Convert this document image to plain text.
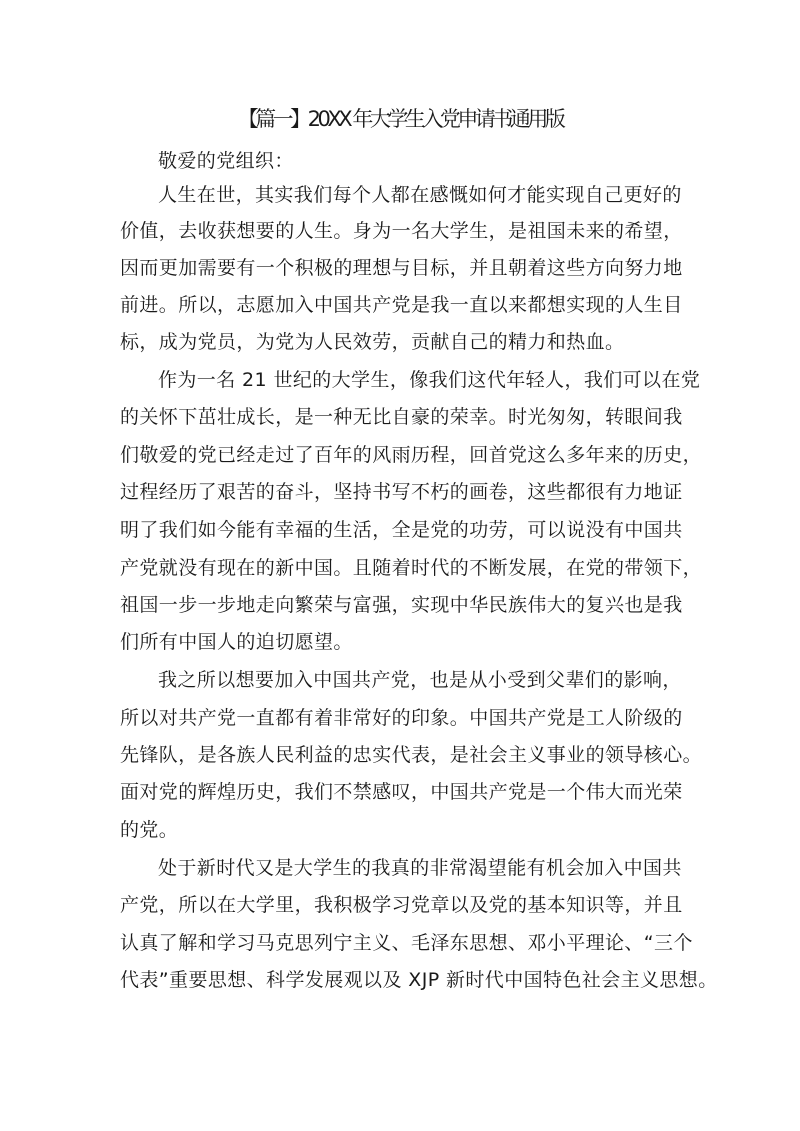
【篇一】20XX 年大学生入党申请书通用版

敬爱的党组织：

人生在世，其实我们每个人都在感慨如何才能实现自己更好的

价值，去收获想要的人生。身为一名大学生，是祖国未来的希望，

因而更加需要有一个积极的理想与目标，并且朝着这些方向努力地

前进。所以，志愿加入中国共产党是我一直以来都想实现的人生目

标，成为党员，为党为人民效劳，贡献自己的精力和热血。

作为一名 21 世纪的大学生，像我们这代年轻人，我们可以在党

的关怀下茁壮成长，是一种无比自豪的荣幸。时光匆匆，转眼间我

们敬爱的党已经走过了百年的风雨历程，回首党这么多年来的历史，

过程经历了艰苦的奋斗，坚持书写不朽的画卷，这些都很有力地证

明了我们如今能有幸福的生活，全是党的功劳，可以说没有中国共

产党就没有现在的新中国。且随着时代的不断发展，在党的带领下，

祖国一步一步地走向繁荣与富强，实现中华民族伟大的复兴也是我

们所有中国人的迫切愿望。

我之所以想要加入中国共产党，也是从小受到父辈们的影响，

所以对共产党一直都有着非常好的印象。中国共产党是工人阶级的

先锋队，是各族人民利益的忠实代表，是社会主义事业的领导核心。

面对党的辉煌历史，我们不禁感叹，中国共产党是一个伟大而光荣

的党。

处于新时代又是大学生的我真的非常渴望能有机会加入中国共

产党，所以在大学里，我积极学习党章以及党的基本知识等，并且

认真了解和学习马克思列宁主义、毛泽东思想、邓小平理论、“三个

代表”重要思想、科学发展观以及 XJP 新时代中国特色社会主义思想。
